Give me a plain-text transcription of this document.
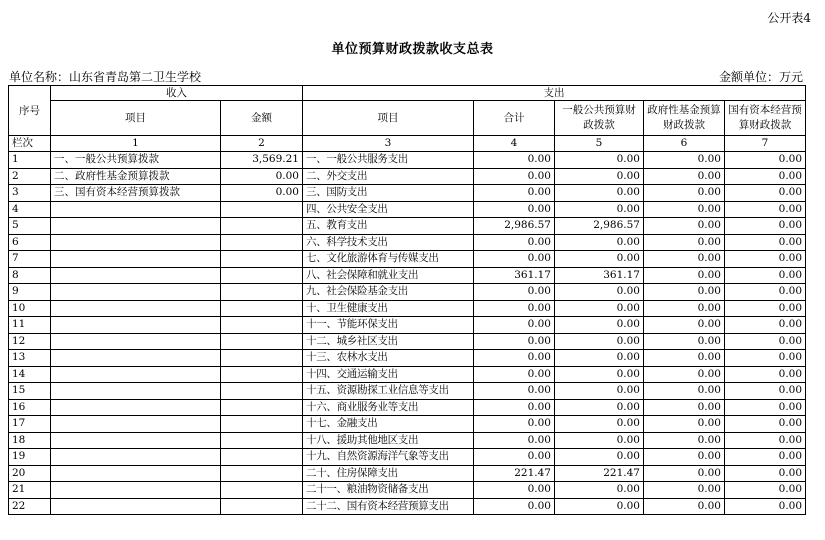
公开表4
单位预算财政拨款收支总表
单位名称：山东省青岛第二卫生学校	金额单位：万元
序号	收入		支出				
	项目	金额	项目	合计	一般公共预算财政拨款	政府性基金预算财政拨款	国有资本经营预算财政拨款
栏次	1	2	3	4	5	6	7
1	一、一般公共预算拨款	3,569.21	一、一般公共服务支出	0.00	0.00	0.00	0.00
2	二、政府性基金预算拨款	0.00	二、外交支出	0.00	0.00	0.00	0.00
3	三、国有资本经营预算拨款	0.00	三、国防支出	0.00	0.00	0.00	0.00
4			四、公共安全支出	0.00	0.00	0.00	0.00
5			五、教育支出	2,986.57	2,986.57	0.00	0.00
6			六、科学技术支出	0.00	0.00	0.00	0.00
7			七、文化旅游体育与传媒支出	0.00	0.00	0.00	0.00
8			八、社会保障和就业支出	361.17	361.17	0.00	0.00
9			九、社会保险基金支出	0.00	0.00	0.00	0.00
10			十、卫生健康支出	0.00	0.00	0.00	0.00
11			十一、节能环保支出	0.00	0.00	0.00	0.00
12			十二、城乡社区支出	0.00	0.00	0.00	0.00
13			十三、农林水支出	0.00	0.00	0.00	0.00
14			十四、交通运输支出	0.00	0.00	0.00	0.00
15			十五、资源勘探工业信息等支出	0.00	0.00	0.00	0.00
16			十六、商业服务业等支出	0.00	0.00	0.00	0.00
17			十七、金融支出	0.00	0.00	0.00	0.00
18			十八、援助其他地区支出	0.00	0.00	0.00	0.00
19			十九、自然资源海洋气象等支出	0.00	0.00	0.00	0.00
20			二十、住房保障支出	221.47	221.47	0.00	0.00
21			二十一、粮油物资储备支出	0.00	0.00	0.00	0.00
22			二十二、国有资本经营预算支出	0.00	0.00	0.00	0.00
